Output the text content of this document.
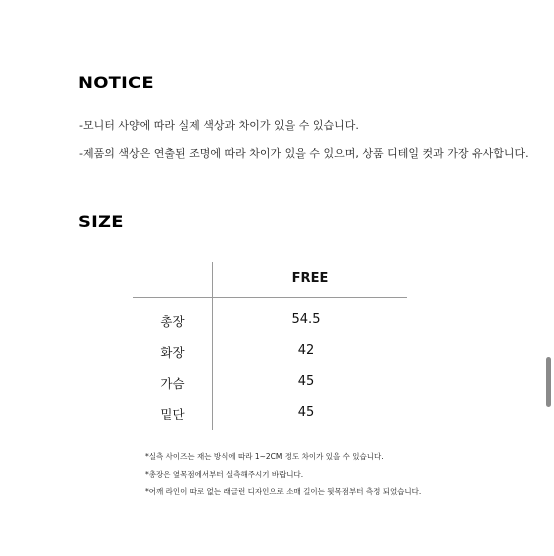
NOTICE
-모니터 사양에 따라 실제 색상과 차이가 있을 수 있습니다.
-제품의 색상은 연출된 조명에 따라 차이가 있을 수 있으며, 상품 디테일 컷과 가장 유사합니다.
SIZE
FREE
총장	54.5
화장	42
가슴	45
밑단	45
*실측 사이즈는 재는 방식에 따라 1~2CM 정도 차이가 있을 수 있습니다.
*총장은 옆목점에서부터 실측해주시기 바랍니다.
*어깨 라인이 따로 없는 래글런 디자인으로 소매 길이는 뒷목점부터 측정 되었습니다.
